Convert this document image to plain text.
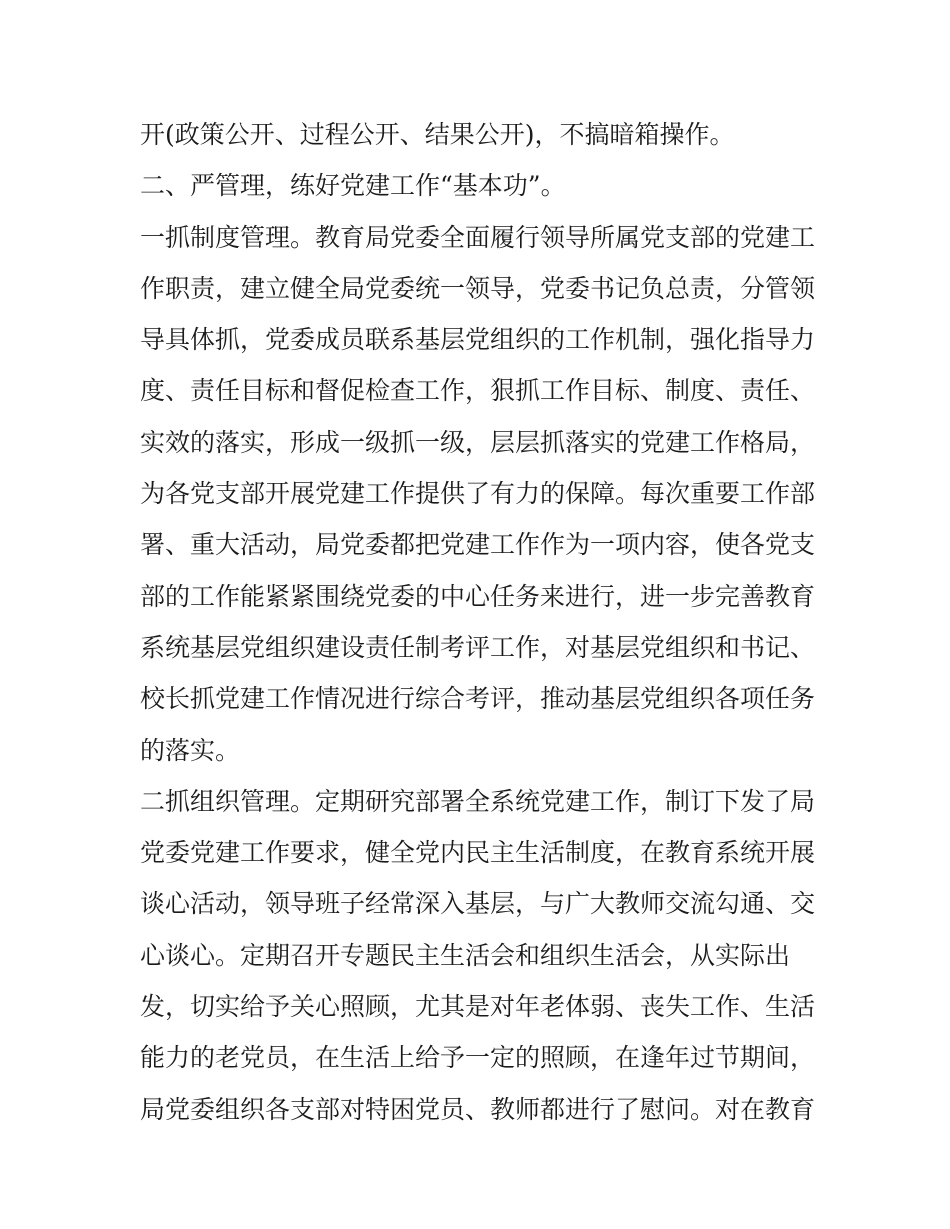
开(政策公开、过程公开、结果公开)，不搞暗箱操作。
二、严管理，练好党建工作“基本功”。
一抓制度管理。教育局党委全面履行领导所属党支部的党建工
作职责，建立健全局党委统一领导，党委书记负总责，分管领
导具体抓，党委成员联系基层党组织的工作机制，强化指导力
度、责任目标和督促检查工作，狠抓工作目标、制度、责任、
实效的落实，形成一级抓一级，层层抓落实的党建工作格局，
为各党支部开展党建工作提供了有力的保障。每次重要工作部
署、重大活动，局党委都把党建工作作为一项内容，使各党支
部的工作能紧紧围绕党委的中心任务来进行，进一步完善教育
系统基层党组织建设责任制考评工作，对基层党组织和书记、
校长抓党建工作情况进行综合考评，推动基层党组织各项任务
的落实。
二抓组织管理。定期研究部署全系统党建工作，制订下发了局
党委党建工作要求，健全党内民主生活制度，在教育系统开展
谈心活动，领导班子经常深入基层，与广大教师交流勾通、交
心谈心。定期召开专题民主生活会和组织生活会，从实际出
发，切实给予关心照顾，尤其是对年老体弱、丧失工作、生活
能力的老党员，在生活上给予一定的照顾，在逢年过节期间，
局党委组织各支部对特困党员、教师都进行了慰问。对在教育
